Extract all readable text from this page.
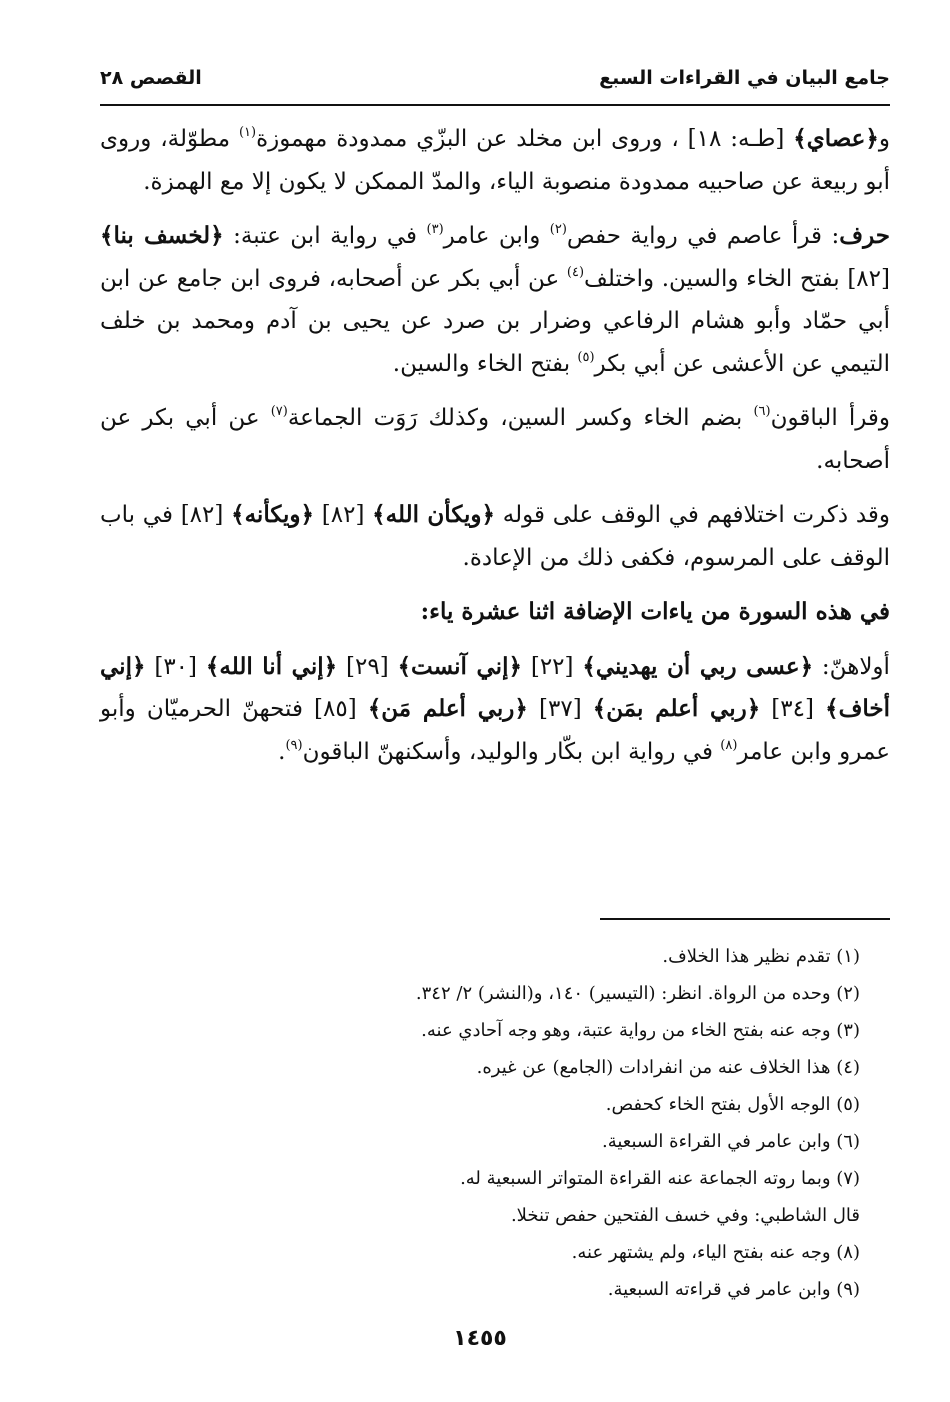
جامع البيان في القراءات السبع
القصص ٢٨

و﴿عصاي﴾ [طـه: ١٨] ، وروى ابن مخلد عن البزّي ممدودة مهموزة$^{(١)}$ مطوّلة، وروى أبو ربيعة عن صاحبيه ممدودة منصوبة الياء، والمدّ الممكن لا يكون إلا مع الهمزة.

حرف: قرأ عاصم في رواية حفص$^{(٢)}$ وابن عامر$^{(٣)}$ في رواية ابن عتبة: ﴿لخسف بنا﴾ [٨٢] بفتح الخاء والسين. واختلف$^{(٤)}$ عن أبي بكر عن أصحابه، فروى ابن جامع عن ابن أبي حمّاد وأبو هشام الرفاعي وضرار بن صرد عن يحيى بن آدم ومحمد بن خلف التيمي عن الأعشى عن أبي بكر$^{(٥)}$ بفتح الخاء والسين.

وقرأ الباقون$^{(٦)}$ بضم الخاء وكسر السين، وكذلك رَوَت الجماعة$^{(٧)}$ عن أبي بكر عن أصحابه.

وقد ذكرت اختلافهم في الوقف على قوله ﴿ويكأن الله﴾ [٨٢] ﴿ويكأنه﴾ [٨٢] في باب الوقف على المرسوم، فكفى ذلك من الإعادة.

في هذه السورة من ياءات الإضافة اثنا عشرة ياء:

أولاهنّ: ﴿عسى ربي أن يهديني﴾ [٢٢] ﴿إني آنست﴾ [٢٩] ﴿إني أنا الله﴾ [٣٠] ﴿إني أخاف﴾ [٣٤] ﴿ربي أعلم بمَن﴾ [٣٧] ﴿ربي أعلم مَن﴾ [٨٥] فتحهنّ الحرميّان وأبو عمرو وابن عامر$^{(٨)}$ في رواية ابن بكّار والوليد، وأسكنهنّ الباقون$^{(٩)}$.

(١) تقدم نظير هذا الخلاف.

(٢) وحده من الرواة. انظر: (التيسير) ١٤٠، و(النشر) ٢/ ٣٤٢.

(٣) وجه عنه بفتح الخاء من رواية عتبة، وهو وجه آحادي عنه.

(٤) هذا الخلاف عنه من انفرادات (الجامع) عن غيره.

(٥) الوجه الأول بفتح الخاء كحفص.

(٦) وابن عامر في القراءة السبعية.

(٧) وبما روته الجماعة عنه القراءة المتواتر السبعية له.

قال الشاطبي: وفي خسف الفتحين حفص تنخلا.

(٨) وجه عنه بفتح الياء، ولم يشتهر عنه.

(٩) وابن عامر في قراءته السبعية.

١٤٥٥
